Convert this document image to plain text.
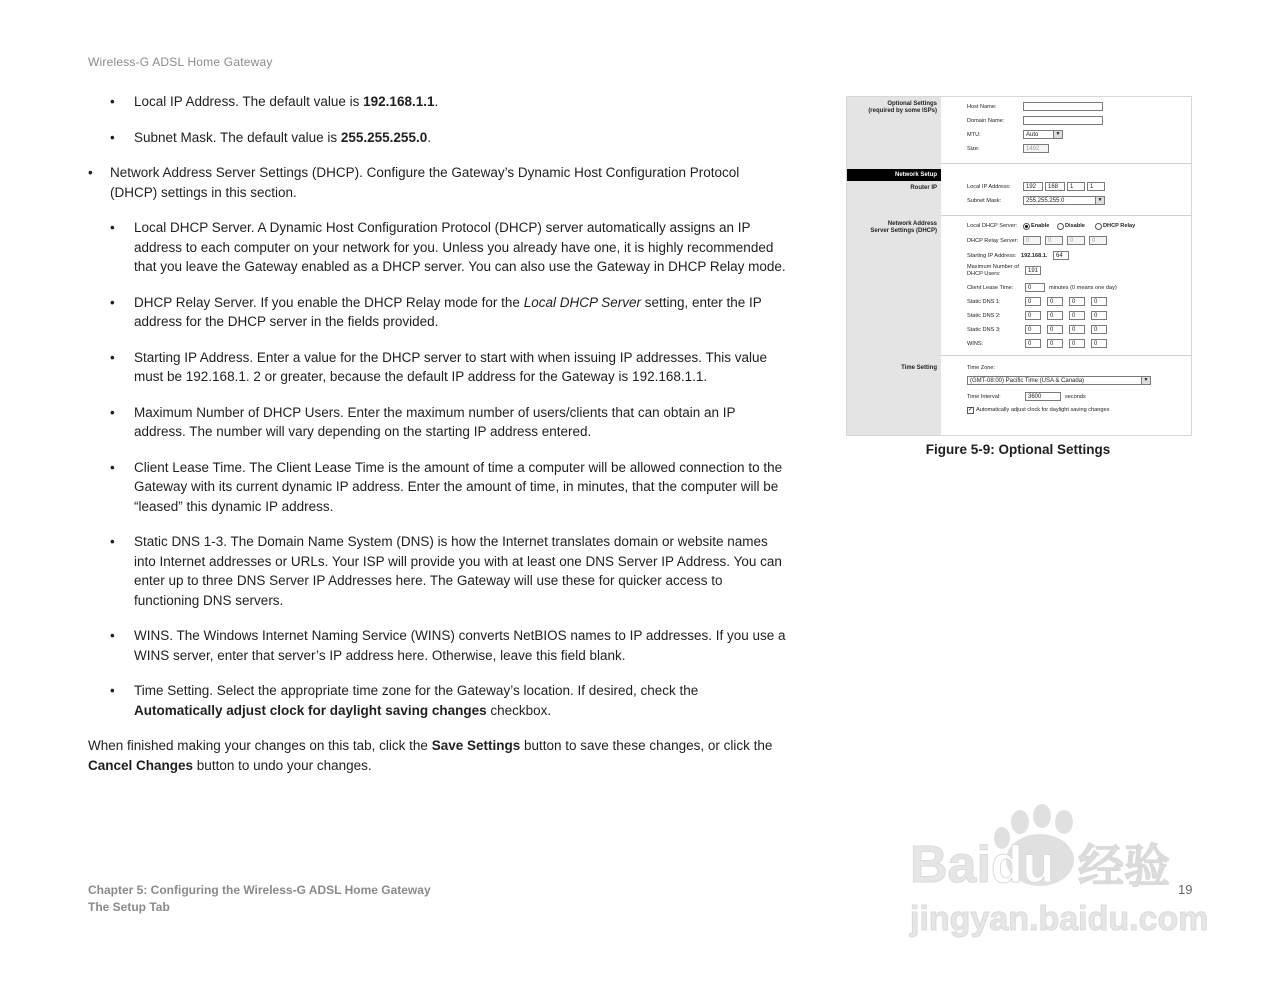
Wireless-G ADSL Home Gateway

• Local IP Address. The default value is 192.168.1.1.

• Subnet Mask. The default value is 255.255.255.0.

• Network Address Server Settings (DHCP). Configure the Gateway’s Dynamic Host Configuration Protocol (DHCP) settings in this section.

• Local DHCP Server. A Dynamic Host Configuration Protocol (DHCP) server automatically assigns an IP address to each computer on your network for you. Unless you already have one, it is highly recommended that you leave the Gateway enabled as a DHCP server. You can also use the Gateway in DHCP Relay mode.

• DHCP Relay Server. If you enable the DHCP Relay mode for the Local DHCP Server setting, enter the IP address for the DHCP server in the fields provided.

• Starting IP Address. Enter a value for the DHCP server to start with when issuing IP addresses. This value must be 192.168.1. 2 or greater, because the default IP address for the Gateway is 192.168.1.1.

• Maximum Number of DHCP Users. Enter the maximum number of users/clients that can obtain an IP address. The number will vary depending on the starting IP address entered.

• Client Lease Time. The Client Lease Time is the amount of time a computer will be allowed connection to the Gateway with its current dynamic IP address. Enter the amount of time, in minutes, that the computer will be “leased” this dynamic IP address.

• Static DNS 1-3. The Domain Name System (DNS) is how the Internet translates domain or website names into Internet addresses or URLs. Your ISP will provide you with at least one DNS Server IP Address. You can enter up to three DNS Server IP Addresses here. The Gateway will use these for quicker access to functioning DNS servers.

• WINS. The Windows Internet Naming Service (WINS) converts NetBIOS names to IP addresses. If you use a WINS server, enter that server’s IP address here. Otherwise, leave this field blank.

• Time Setting. Select the appropriate time zone for the Gateway’s location. If desired, check the Automatically adjust clock for daylight saving changes checkbox.

When finished making your changes on this tab, click the Save Settings button to save these changes, or click the Cancel Changes button to undo your changes.

Optional Settings
(required by some ISPs)
Router IP
Network Address
Server Settings (DHCP)
Time Setting
Network Setup
Host Name:
Domain Name:
MTU:	Auto	▼
Size:	1492
Local IP Address:	192	168	1	1
Subnet Mask:	255.255.255.0	▼
Local DHCP Server: Enable	Disable	DHCP Relay
DHCP Relay Server:	0	0	0	0
Starting IP Address: 192.168.1.	64
Maximum Number of
DHCP Users:	191
Client Lease Time:	0	minutes (0 means one day)
Static DNS 1:	0	0	0	0
Static DNS 2:	0	0	0	0
Static DNS 3:	0	0	0	0
WINS:	0	0	0	0
Time Zone:
(GMT-08:00) Pacific Time (USA & Canada)	▼
Time Interval:	3600	seconds
✓ Automatically adjust clock for daylight saving changes
Figure 5-9: Optional Settings
Chapter 5: Configuring the Wireless-G ADSL Home Gateway
The Setup Tab
19
Baidu 经验
jingyan.baidu.com
